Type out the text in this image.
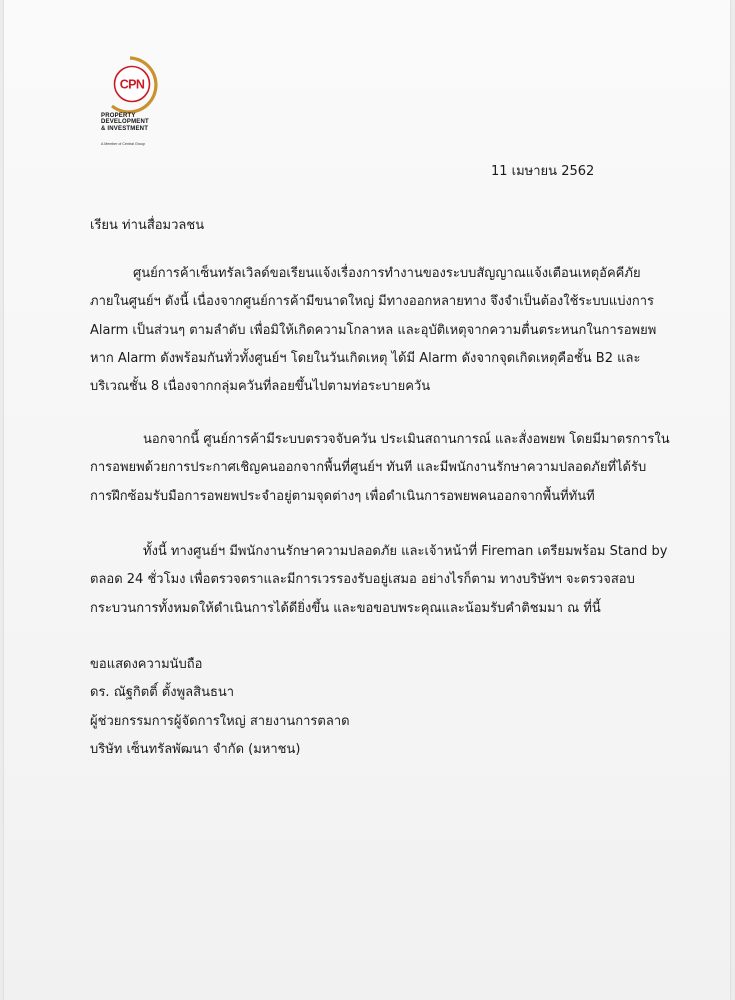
CPN
PROPERTY
DEVELOPMENT
& INVESTMENT
A Member of Central Group
11 เมษายน 2562
เรียน ท่านสื่อมวลชน
ศูนย์การค้าเซ็นทรัลเวิลด์ขอเรียนแจ้งเรื่องการทำงานของระบบสัญญาณแจ้งเตือนเหตุอัคคีภัย
ภายในศูนย์ฯ ดังนี้ เนื่องจากศูนย์การค้ามีขนาดใหญ่ มีทางออกหลายทาง จึงจำเป็นต้องใช้ระบบแบ่งการ
Alarm เป็นส่วนๆ ตามลำดับ เพื่อมิให้เกิดความโกลาหล และอุบัติเหตุจากความตื่นตระหนกในการอพยพ
หาก Alarm ดังพร้อมกันทั่วทั้งศูนย์ฯ โดยในวันเกิดเหตุ ได้มี Alarm ดังจากจุดเกิดเหตุคือชั้น B2 และ
บริเวณชั้น 8 เนื่องจากกลุ่มควันที่ลอยขึ้นไปตามท่อระบายควัน
นอกจากนี้ ศูนย์การค้ามีระบบตรวจจับควัน ประเมินสถานการณ์ และสั่งอพยพ โดยมีมาตรการใน
การอพยพด้วยการประกาศเชิญคนออกจากพื้นที่ศูนย์ฯ ทันที และมีพนักงานรักษาความปลอดภัยที่ได้รับ
การฝึกซ้อมรับมือการอพยพประจำอยู่ตามจุดต่างๆ เพื่อดำเนินการอพยพคนออกจากพื้นที่ทันที
ทั้งนี้ ทางศูนย์ฯ มีพนักงานรักษาความปลอดภัย และเจ้าหน้าที่ Fireman เตรียมพร้อม Stand by
ตลอด 24 ชั่วโมง เพื่อตรวจตราและมีการเวรรองรับอยู่เสมอ อย่างไรก็ตาม ทางบริษัทฯ จะตรวจสอบ
กระบวนการทั้งหมดให้ดำเนินการได้ดียิ่งขึ้น และขอขอบพระคุณและน้อมรับคำติชมมา ณ ที่นี้
ขอแสดงความนับถือ
ดร. ณัฐกิตติ์ ตั้งพูลสินธนา
ผู้ช่วยกรรมการผู้จัดการใหญ่ สายงานการตลาด
บริษัท เซ็นทรัลพัฒนา จำกัด (มหาชน)
